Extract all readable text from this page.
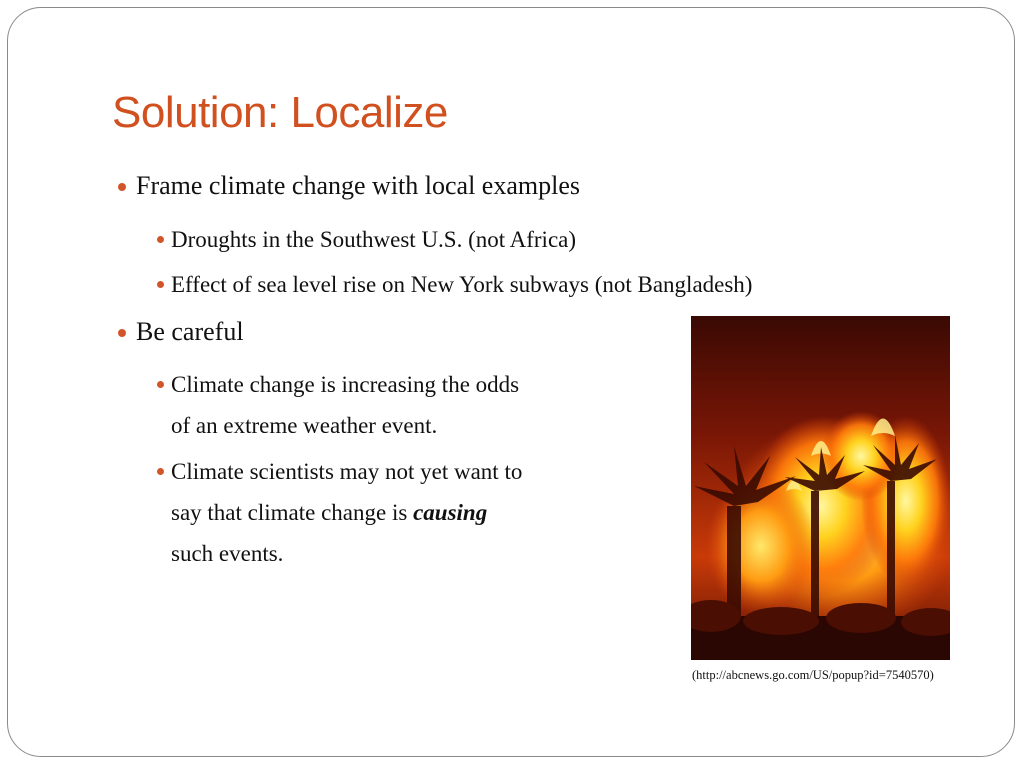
Solution: Localize
Frame climate change with local examples
Droughts in the Southwest U.S. (not Africa)
Effect of sea level rise on New York subways (not Bangladesh)
Be careful
Climate change is increasing the odds
of an extreme weather event.
Climate scientists may not yet want to
say that climate change is causing
such events.
(http://abcnews.go.com/US/popup?id=7540570)
